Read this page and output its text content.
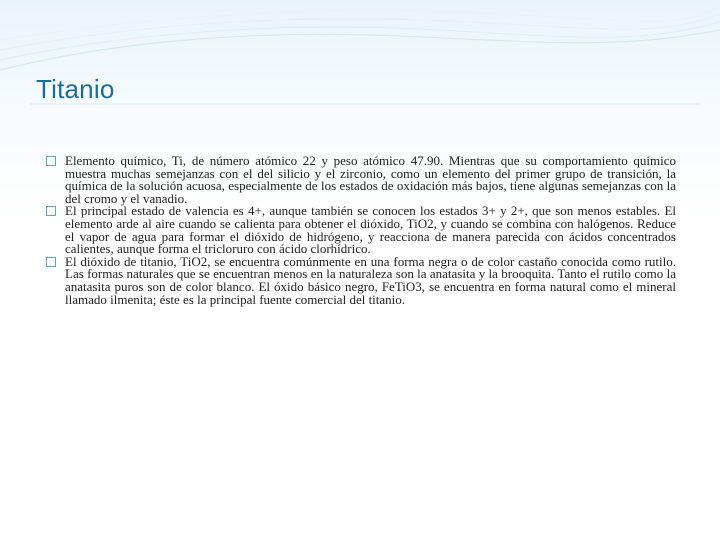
Titanio
Elemento químico, Ti, de número atómico 22 y peso atómico 47.90. Mientras que su comportamiento químico muestra muchas semejanzas con el del silicio y el zirconio, como un elemento del primer grupo de transición, la química de la solución acuosa, especialmente de los estados de oxidación más bajos, tiene algunas semejanzas con la del cromo y el vanadio.
El principal estado de valencia es 4+, aunque también se conocen los estados 3+ y 2+, que son menos estables. El elemento arde al aire cuando se calienta para obtener el dióxido, TiO2, y cuando se combina con halógenos. Reduce el vapor de agua para formar el dióxido de hidrógeno, y reacciona de manera parecida con ácidos concentrados calientes, aunque forma el tricloruro con ácido clorhídrico.
El dióxido de titanio, TiO2, se encuentra comúnmente en una forma negra o de color castaño conocida como rutilo. Las formas naturales que se encuentran menos en la naturaleza son la anatasita y la brooquita. Tanto el rutilo como la anatasita puros son de color blanco. El óxido básico negro, FeTiO3, se encuentra en forma natural como el mineral llamado ilmenita; éste es la principal fuente comercial del titanio.
